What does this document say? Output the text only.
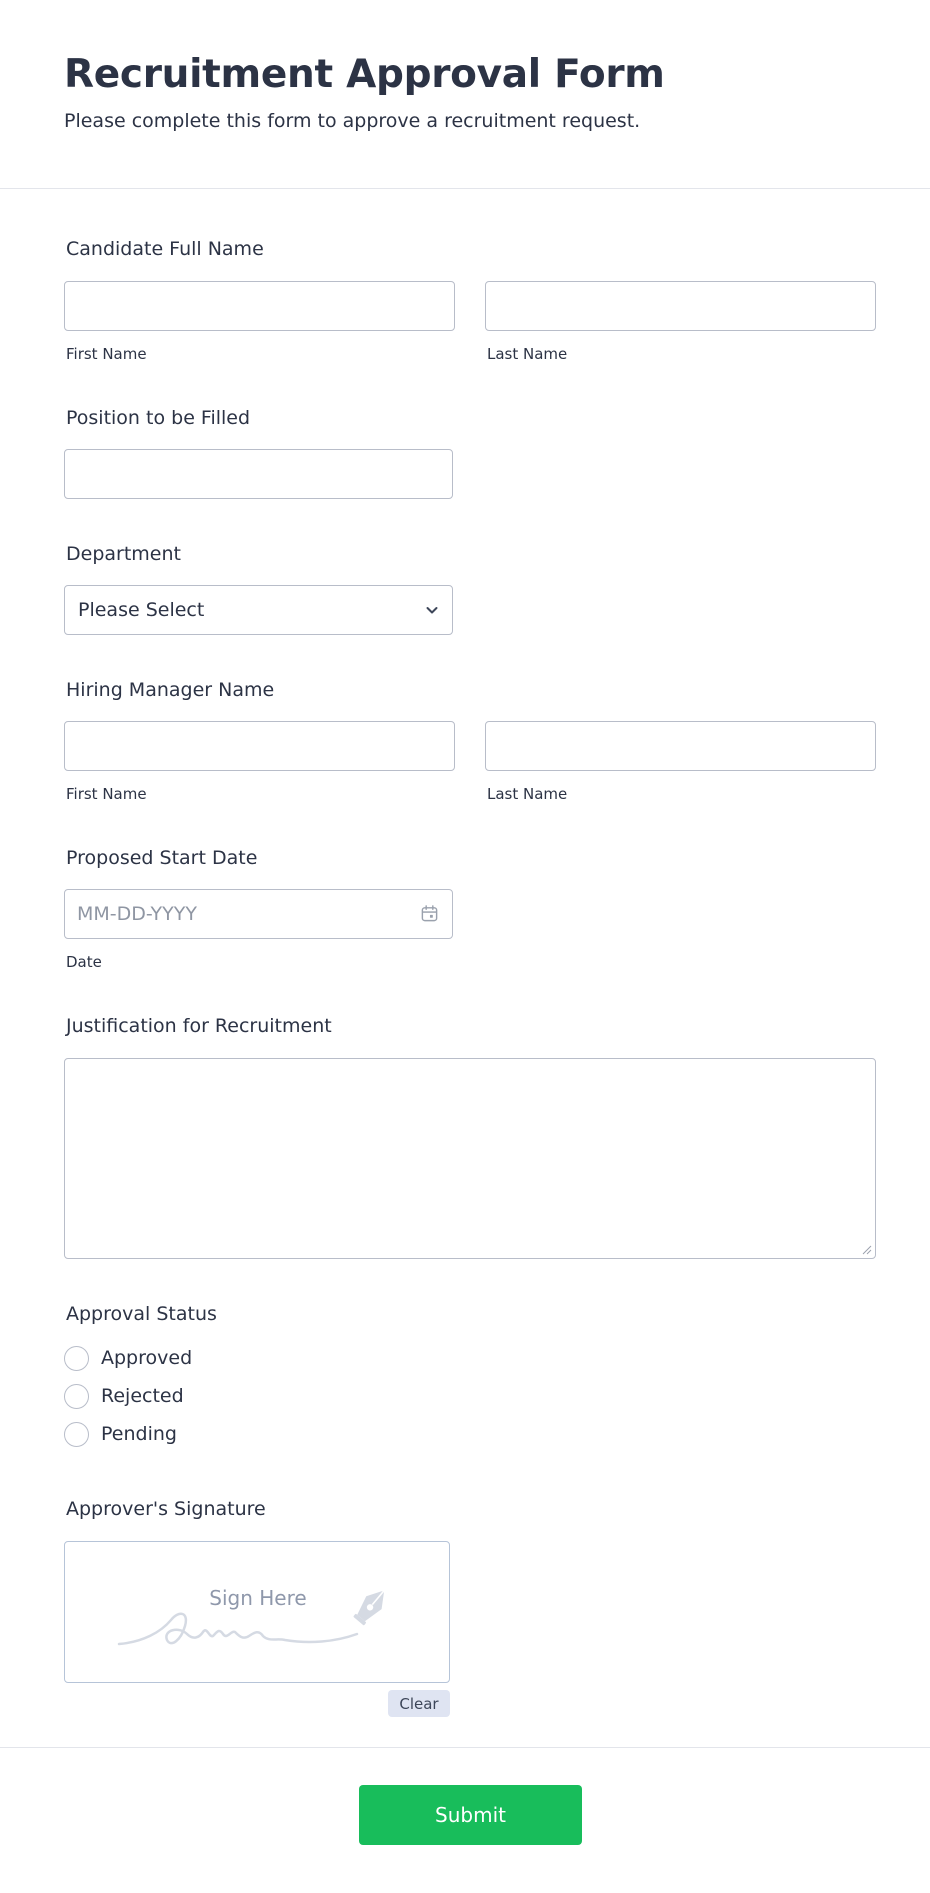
Recruitment Approval Form

Please complete this form to approve a recruitment request.

Candidate Full Name
First Name	Last Name
Position to be Filled
Department
Please Select
Hiring Manager Name
First Name	Last Name
Proposed Start Date
MM-DD-YYYY
Date
Justification for Recruitment
Approval Status
Approved
Rejected
Pending
Approver's Signature
Sign Here
Clear
Submit
